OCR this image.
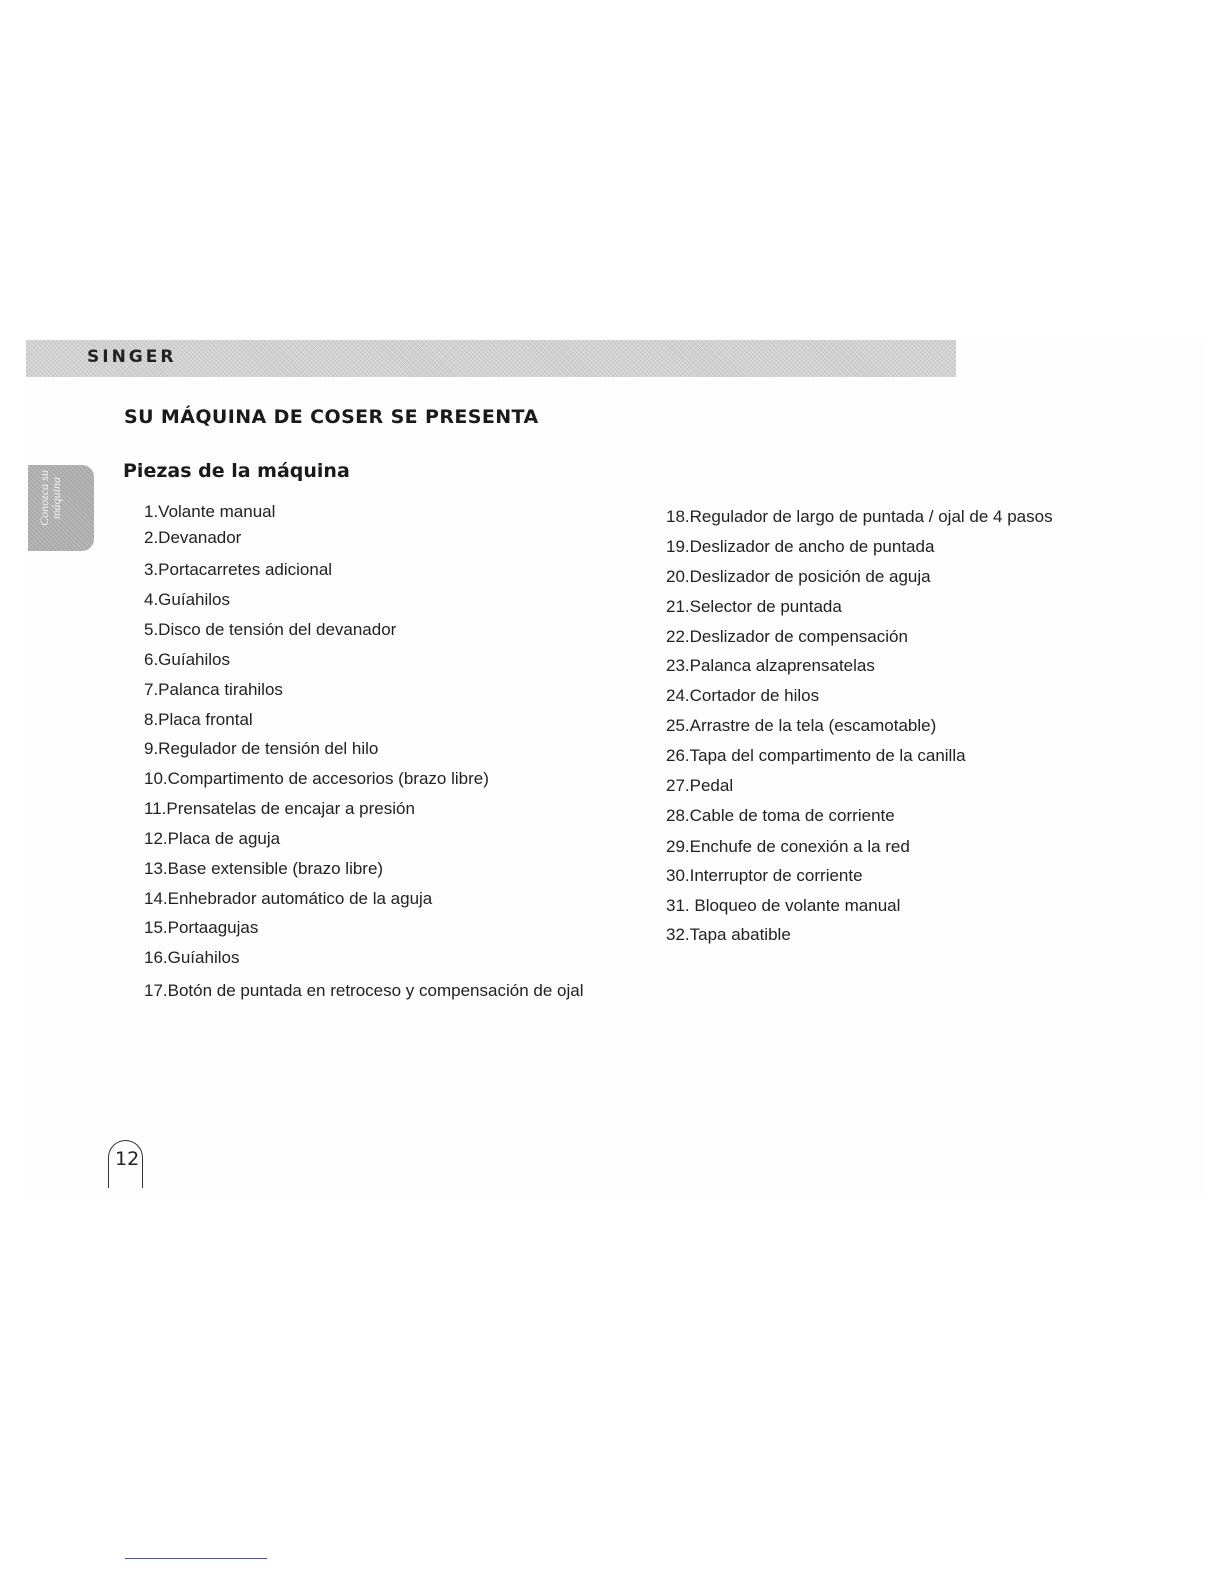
SINGER
Conozca su máquina
SU MÁQUINA DE COSER SE PRESENTA
Piezas de la máquina
1.Volante manual
2.Devanador
3.Portacarretes adicional
4.Guíahilos
5.Disco de tensión del devanador
6.Guíahilos
7.Palanca tirahilos
8.Placa frontal
9.Regulador de tensión del hilo
10.Compartimento de accesorios (brazo libre)
11.Prensatelas de encajar a presión
12.Placa de aguja
13.Base extensible (brazo libre)
14.Enhebrador automático de la aguja
15.Portaagujas
16.Guíahilos
17.Botón de puntada en retroceso y compensación de ojal
18.Regulador de largo de puntada / ojal de 4 pasos
19.Deslizador de ancho de puntada
20.Deslizador de posición de aguja
21.Selector de puntada
22.Deslizador de compensación
23.Palanca alzaprensatelas
24.Cortador de hilos
25.Arrastre de la tela (escamotable)
26.Tapa del compartimento de la canilla
27.Pedal
28.Cable de toma de corriente
29.Enchufe de conexión a la red
30.Interruptor de corriente
31. Bloqueo de volante manual
32.Tapa abatible
12
